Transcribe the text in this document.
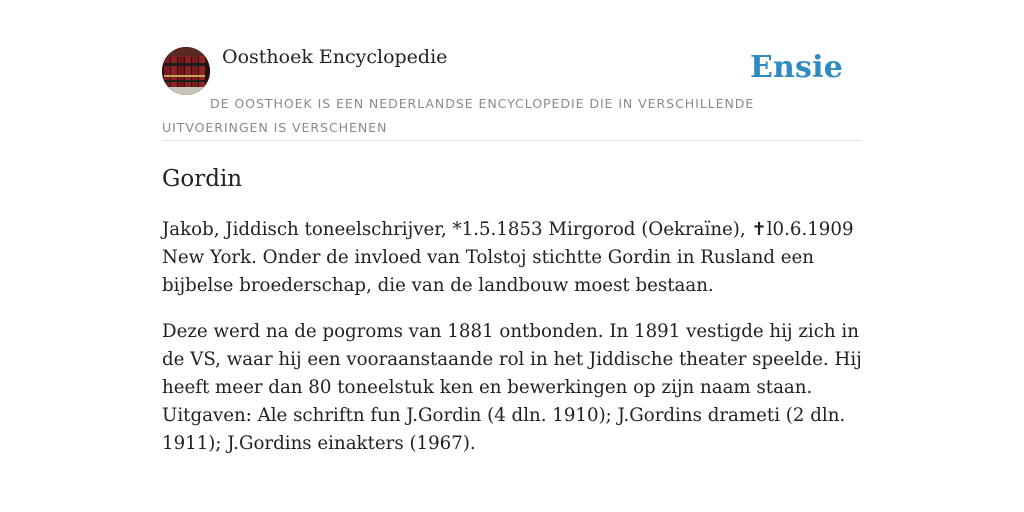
Oosthoek Encyclopedie	Ensie
DE OOSTHOEK IS EEN NEDERLANDSE ENCYCLOPEDIE DIE IN VERSCHILLENDE UITVOERINGEN IS VERSCHENEN
Gordin

Jakob, Jiddisch toneelschrijver, *1.5.1853 Mirgorod (Oekraïne), ✝l0.6.1909 New York. Onder de invloed van Tolstoj stichtte Gordin in Rusland een bijbelse broederschap, die van de landbouw moest bestaan.

Deze werd na de pogroms van 1881 ontbonden. In 1891 vestigde hij zich in de VS, waar hij een vooraanstaande rol in het Jiddische theater speelde. Hij heeft meer dan 80 toneelstuk ken en bewerkingen op zijn naam staan. Uitgaven: Ale schriftn fun J.Gordin (4 dln. 1910); J.Gordins drameti (2 dln. 1911); J.Gordins einakters (1967).
